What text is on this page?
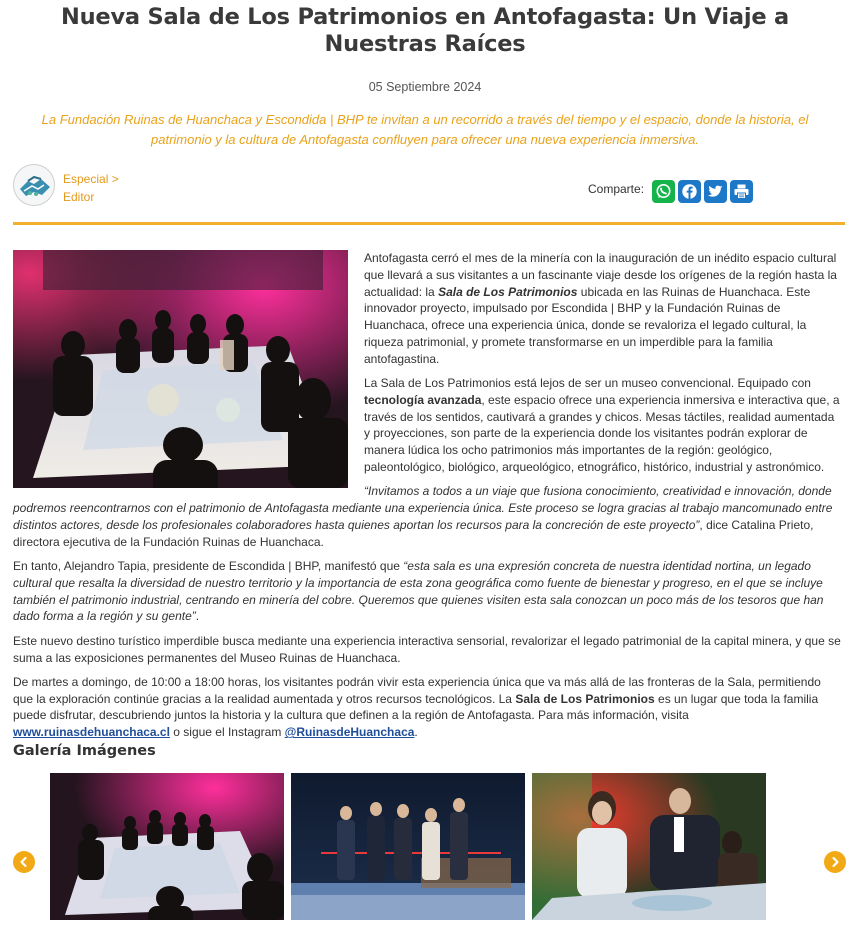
Nueva Sala de Los Patrimonios en Antofagasta: Un Viaje a Nuestras Raíces
05 Septiembre 2024

La Fundación Ruinas de Huanchaca y Escondida | BHP te invitan a un recorrido a través del tiempo y el espacio, donde la historia, el patrimonio y la cultura de Antofagasta confluyen para ofrecer una nueva experiencia inmersiva.

Especial >
Editor
Comparte:

Antofagasta cerró el mes de la minería con la inauguración de un inédito espacio cultural que llevará a sus visitantes a un fascinante viaje desde los orígenes de la región hasta la actualidad: la Sala de Los Patrimonios ubicada en las Ruinas de Huanchaca. Este innovador proyecto, impulsado por Escondida | BHP y la Fundación Ruinas de Huanchaca, ofrece una experiencia única, donde se revaloriza el legado cultural, la riqueza patrimonial, y promete transformarse en un imperdible para la familia antofagastina.

La Sala de Los Patrimonios está lejos de ser un museo convencional. Equipado con tecnología avanzada, este espacio ofrece una experiencia inmersiva e interactiva que, a través de los sentidos, cautivará a grandes y chicos. Mesas táctiles, realidad aumentada y proyecciones, son parte de la experiencia donde los visitantes podrán explorar de manera lúdica los ocho patrimonios más importantes de la región: geológico, paleontológico, biológico, arqueológico, etnográfico, histórico, industrial y astronómico.

“Invitamos a todos a un viaje que fusiona conocimiento, creatividad e innovación, donde podremos reencontrarnos con el patrimonio de Antofagasta mediante una experiencia única. Este proceso se logra gracias al trabajo mancomunado entre distintos actores, desde los profesionales colaboradores hasta quienes aportan los recursos para la concreción de este proyecto”, dice Catalina Prieto, directora ejecutiva de la Fundación Ruinas de Huanchaca.

En tanto, Alejandro Tapia, presidente de Escondida | BHP, manifestó que “esta sala es una expresión concreta de nuestra identidad nortina, un legado cultural que resalta la diversidad de nuestro territorio y la importancia de esta zona geográfica como fuente de bienestar y progreso, en el que se incluye también el patrimonio industrial, centrando en minería del cobre. Queremos que quienes visiten esta sala conozcan un poco más de los tesoros que han dado forma a la región y su gente”.

Este nuevo destino turístico imperdible busca mediante una experiencia interactiva sensorial, revalorizar el legado patrimonial de la capital minera, y que se suma a las exposiciones permanentes del Museo Ruinas de Huanchaca.

De martes a domingo, de 10:00 a 18:00 horas, los visitantes podrán vivir esta experiencia única que va más allá de las fronteras de la Sala, permitiendo que la exploración continúe gracias a la realidad aumentada y otros recursos tecnológicos. La Sala de Los Patrimonios es un lugar que toda la familia puede disfrutar, descubriendo juntos la historia y la cultura que definen a la región de Antofagasta. Para más información, visita www.ruinasdehuanchaca.cl o sigue el Instagram @RuinasdeHuanchaca.

Galería Imágenes
